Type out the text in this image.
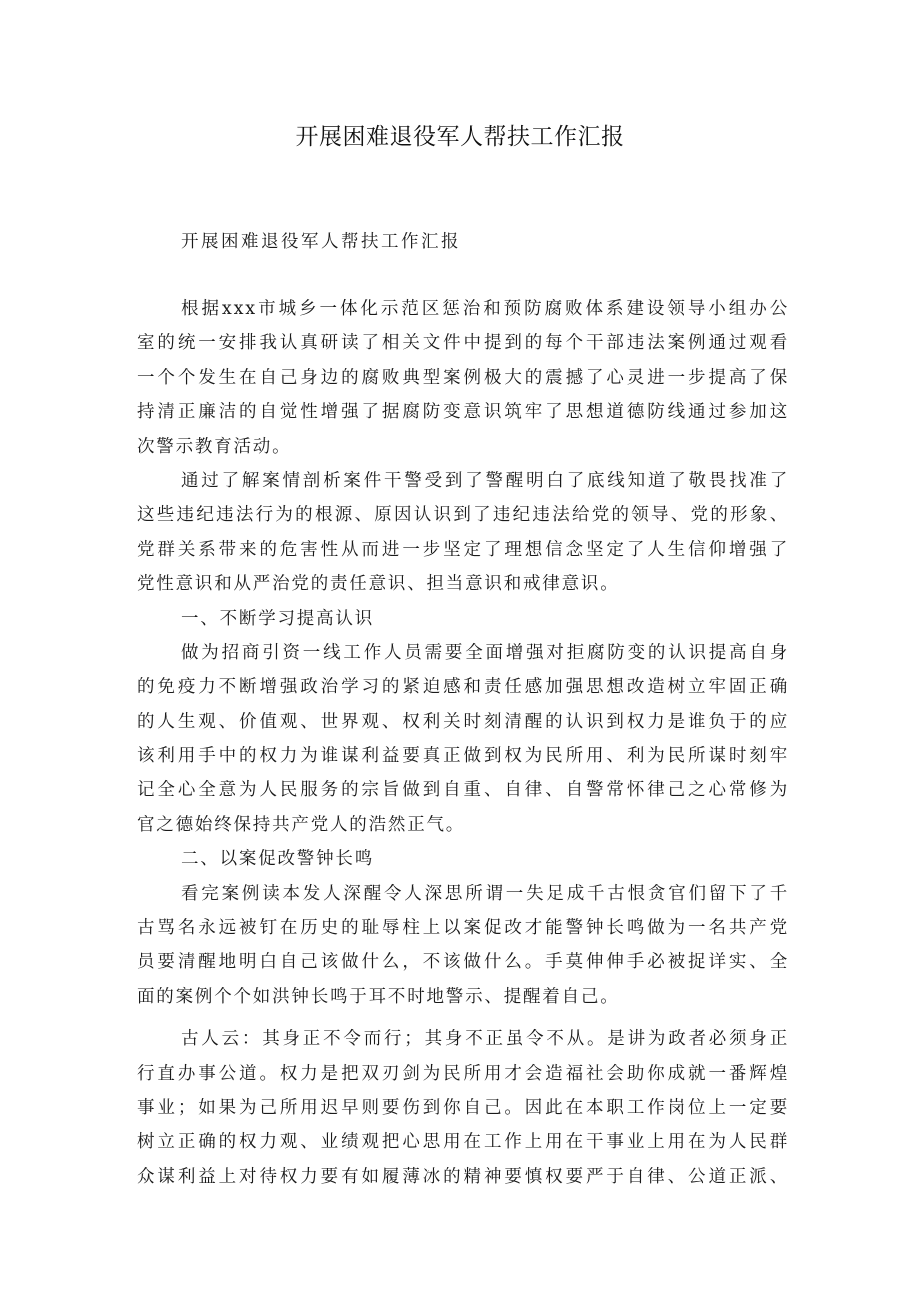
开展困难退役军人帮扶工作汇报
开展困难退役军人帮扶工作汇报
根据xxx市城乡一体化示范区惩治和预防腐败体系建设领导小组办公
室的统一安排我认真研读了相关文件中提到的每个干部违法案例通过观看
一个个发生在自己身边的腐败典型案例极大的震撼了心灵进一步提高了保
持清正廉洁的自觉性增强了据腐防变意识筑牢了思想道德防线通过参加这
次警示教育活动。
通过了解案情剖析案件干警受到了警醒明白了底线知道了敬畏找准了
这些违纪违法行为的根源、原因认识到了违纪违法给党的领导、党的形象、
党群关系带来的危害性从而进一步坚定了理想信念坚定了人生信仰增强了
党性意识和从严治党的责任意识、担当意识和戒律意识。
一、不断学习提高认识
做为招商引资一线工作人员需要全面增强对拒腐防变的认识提高自身
的免疫力不断增强政治学习的紧迫感和责任感加强思想改造树立牢固正确
的人生观、价值观、世界观、权利关时刻清醒的认识到权力是谁负于的应
该利用手中的权力为谁谋利益要真正做到权为民所用、利为民所谋时刻牢
记全心全意为人民服务的宗旨做到自重、自律、自警常怀律己之心常修为
官之德始终保持共产党人的浩然正气。
二、以案促改警钟长鸣
看完案例读本发人深醒令人深思所谓一失足成千古恨贪官们留下了千
古骂名永远被钉在历史的耻辱柱上以案促改才能警钟长鸣做为一名共产党
员要清醒地明白自己该做什么，不该做什么。手莫伸伸手必被捉详实、全
面的案例个个如洪钟长鸣于耳不时地警示、提醒着自己。
古人云：其身正不令而行；其身不正虽令不从。是讲为政者必须身正
行直办事公道。权力是把双刃剑为民所用才会造福社会助你成就一番辉煌
事业；如果为己所用迟早则要伤到你自己。因此在本职工作岗位上一定要
树立正确的权力观、业绩观把心思用在工作上用在干事业上用在为人民群
众谋利益上对待权力要有如履薄冰的精神要慎权要严于自律、公道正派、
